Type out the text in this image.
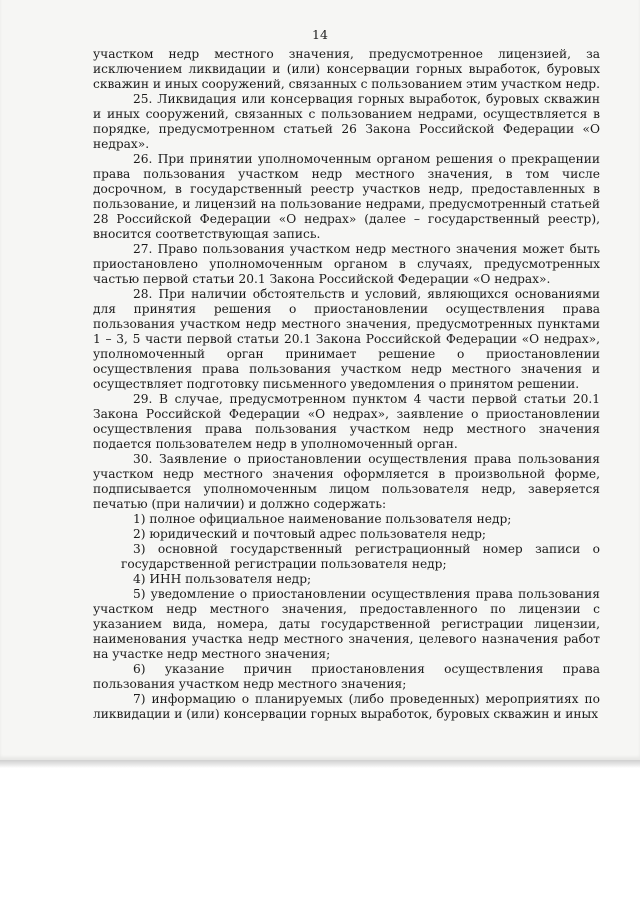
14

участком недр местного значения, предусмотренное лицензией, за исключением ликвидации и (или) консервации горных выработок, буровых скважин и иных сооружений, связанных с пользованием этим участком недр.

25. Ликвидация или консервация горных выработок, буровых скважин и иных сооружений, связанных с пользованием недрами, осуществляется в порядке, предусмотренном статьей 26 Закона Российской Федерации «О недрах».

26. При принятии уполномоченным органом решения о прекращении права пользования участком недр местного значения, в том числе досрочном, в государственный реестр участков недр, предоставленных в пользование, и лицензий на пользование недрами, предусмотренный статьей 28 Российской Федерации «О недрах» (далее – государственный реестр), вносится соответствующая запись.

27. Право пользования участком недр местного значения может быть приостановлено уполномоченным органом в случаях, предусмотренных частью первой статьи 20.1 Закона Российской Федерации «О недрах».

28. При наличии обстоятельств и условий, являющихся основаниями для принятия решения о приостановлении осуществления права пользования участком недр местного значения, предусмотренных пунктами 1 – 3, 5 части первой статьи 20.1 Закона Российской Федерации «О недрах», уполномоченный орган принимает решение о приостановлении осуществления права пользования участком недр местного значения и осуществляет подготовку письменного уведомления о принятом решении.

29. В случае, предусмотренном пунктом 4 части первой статьи 20.1 Закона Российской Федерации «О недрах», заявление о приостановлении осуществления права пользования участком недр местного значения подается пользователем недр в уполномоченный орган.

30. Заявление о приостановлении осуществления права пользования участком недр местного значения оформляется в произвольной форме, подписывается уполномоченным лицом пользователя недр, заверяется печатью (при наличии) и должно содержать:

1) полное официальное наименование пользователя недр;

2) юридический и почтовый адрес пользователя недр;

3) основной государственный регистрационный номер записи о государственной регистрации пользователя недр;

4) ИНН пользователя недр;

5) уведомление о приостановлении осуществления права пользования участком недр местного значения, предоставленного по лицензии с указанием вида, номера, даты государственной регистрации лицензии, наименования участка недр местного значения, целевого назначения работ на участке недр местного значения;

6) указание причин приостановления осуществления права пользования участком недр местного значения;

7) информацию о планируемых (либо проведенных) мероприятиях по ликвидации и (или) консервации горных выработок, буровых скважин и иных
